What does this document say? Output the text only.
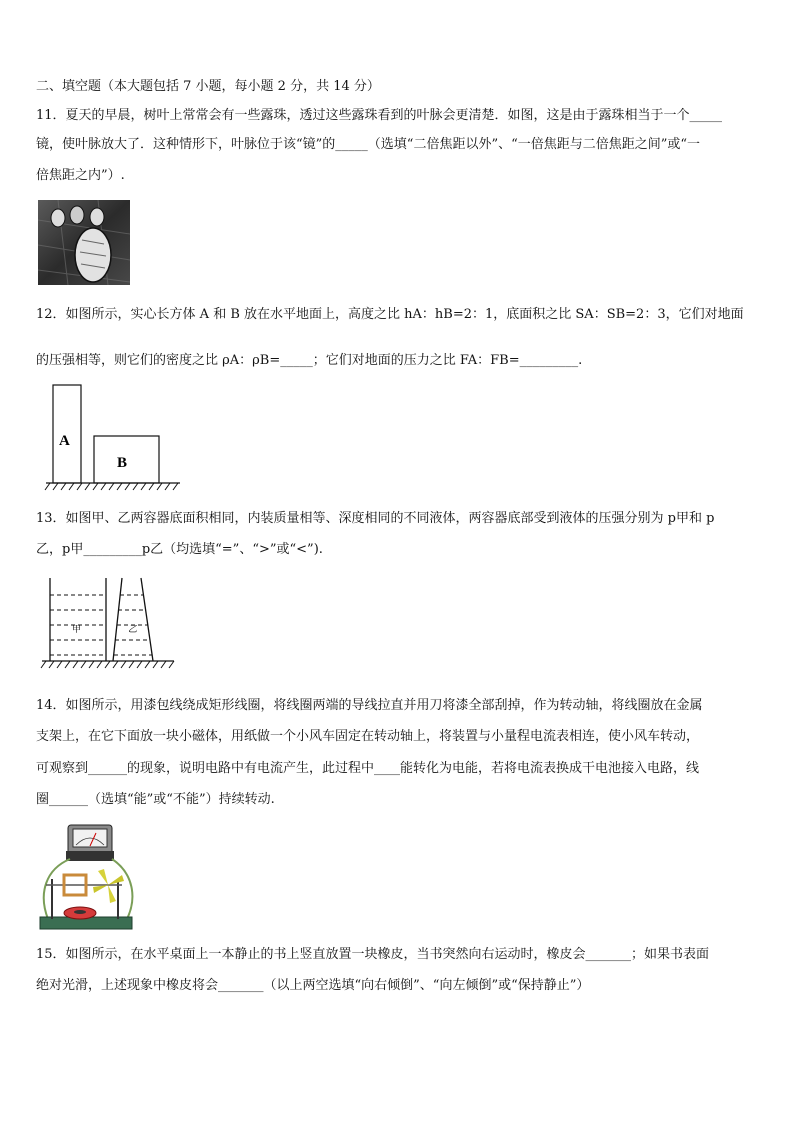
二、填空题（本大题包括 7 小题，每小题 2 分，共 14 分）
11．夏天的早晨，树叶上常常会有一些露珠，透过这些露珠看到的叶脉会更清楚．如图，这是由于露珠相当于一个_____
镜，使叶脉放大了．这种情形下，叶脉位于该“镜”的_____（选填“二倍焦距以外”、“一倍焦距与二倍焦距之间”或“一
倍焦距之内”）.
12．如图所示，实心长方体 A 和 B 放在水平地面上，高度之比 hA：hB=2：1，底面积之比 SA：SB=2：3，它们对地面
的压强相等，则它们的密度之比 ρA：ρB=_____；它们对地面的压力之比 FA：FB=_________.
A
B
13．如图甲、乙两容器底面积相同，内装质量相等、深度相同的不同液体，两容器底部受到液体的压强分别为 p甲和 p
乙，p甲_________p乙（均选填“=”、“>”或“<”).
甲	乙
14．如图所示，用漆包线绕成矩形线圈，将线圈两端的导线拉直并用刀将漆全部刮掉，作为转动轴，将线圈放在金属
支架上，在它下面放一块小磁体，用纸做一个小风车固定在转动轴上，将装置与小量程电流表相连，使小风车转动，
可观察到______的现象，说明电路中有电流产生，此过程中____能转化为电能，若将电流表换成干电池接入电路，线
圈______（选填“能”或“不能”）持续转动.
15．如图所示，在水平桌面上一本静止的书上竖直放置一块橡皮，当书突然向右运动时，橡皮会_______；如果书表面
绝对光滑，上述现象中橡皮将会_______（以上两空选填“向右倾倒”、“向左倾倒”或“保持静止”）
